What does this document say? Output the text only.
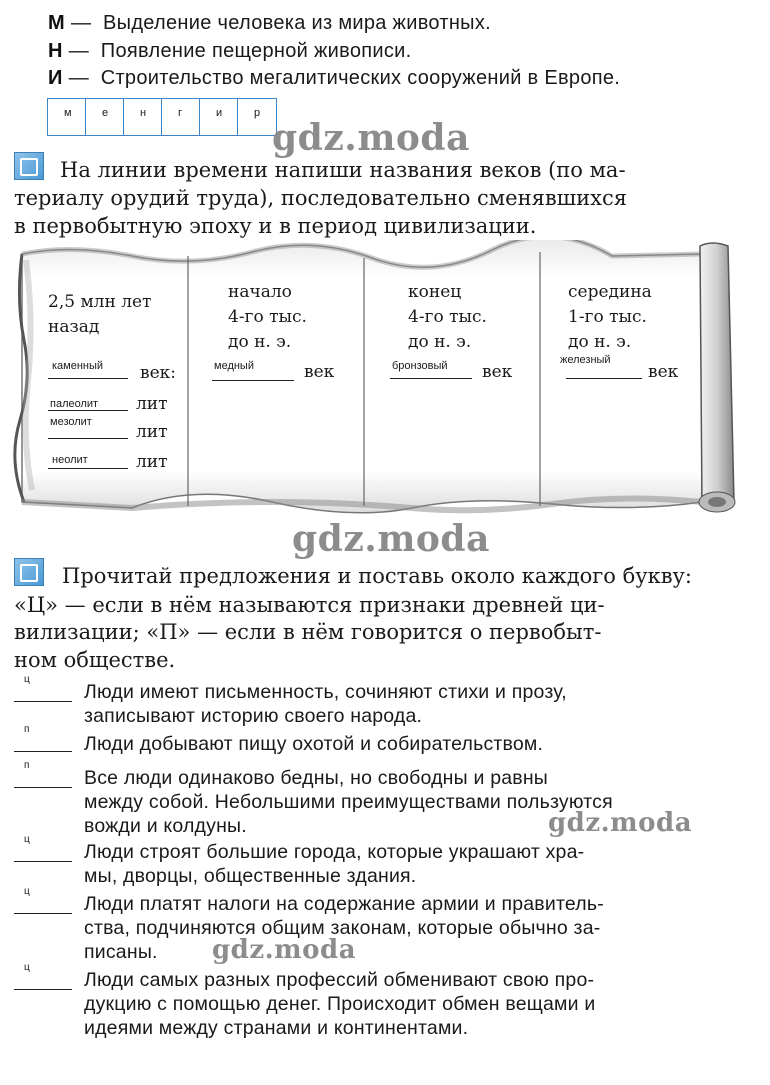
М — Выделение человека из мира животных.
Н — Появление пещерной живописи.
И — Строительство мегалитических сооружений в Европе.
м	е	н	г	и	р
gdz.moda
На линии времени напиши названия веков (по ма-
териалу орудий труда), последовательно сменявшихся
в первобытную эпоху и в период цивилизации.
2,5 млн лет
назад
каменный век:
палеолит лит
мезолит	лит
неолит	лит
начало
4-го тыс.
до н. э.
медный	век
конец
4-го тыс.
до н. э.
бронзовый век
середина
1-го тыс.
до н. э.
железный
век
gdz.moda
Прочитай предложения и поставь около каждого букву:
«Ц» — если в нём называются признаки древней ци-
вилизации; «П» — если в нём говорится о первобыт-
ном обществе.
ц
Люди имеют письменность, сочиняют стихи и прозу,
записывают историю своего народа.
п
Люди добывают пищу охотой и собирательством.
п
Все люди одинаково бедны, но свободны и равны
между собой. Небольшими преимуществами пользуются
вожди и колдуны.	gdz.moda
ц
Люди строят большие города, которые украшают хра-
мы, дворцы, общественные здания.
ц
Люди платят налоги на содержание армии и правитель-
ства, подчиняются общим законам, которые обычно за-
писаны.	gdz.moda
ц
Люди самых разных профессий обменивают свою про-
дукцию с помощью денег. Происходит обмен вещами и
идеями между странами и континентами.
